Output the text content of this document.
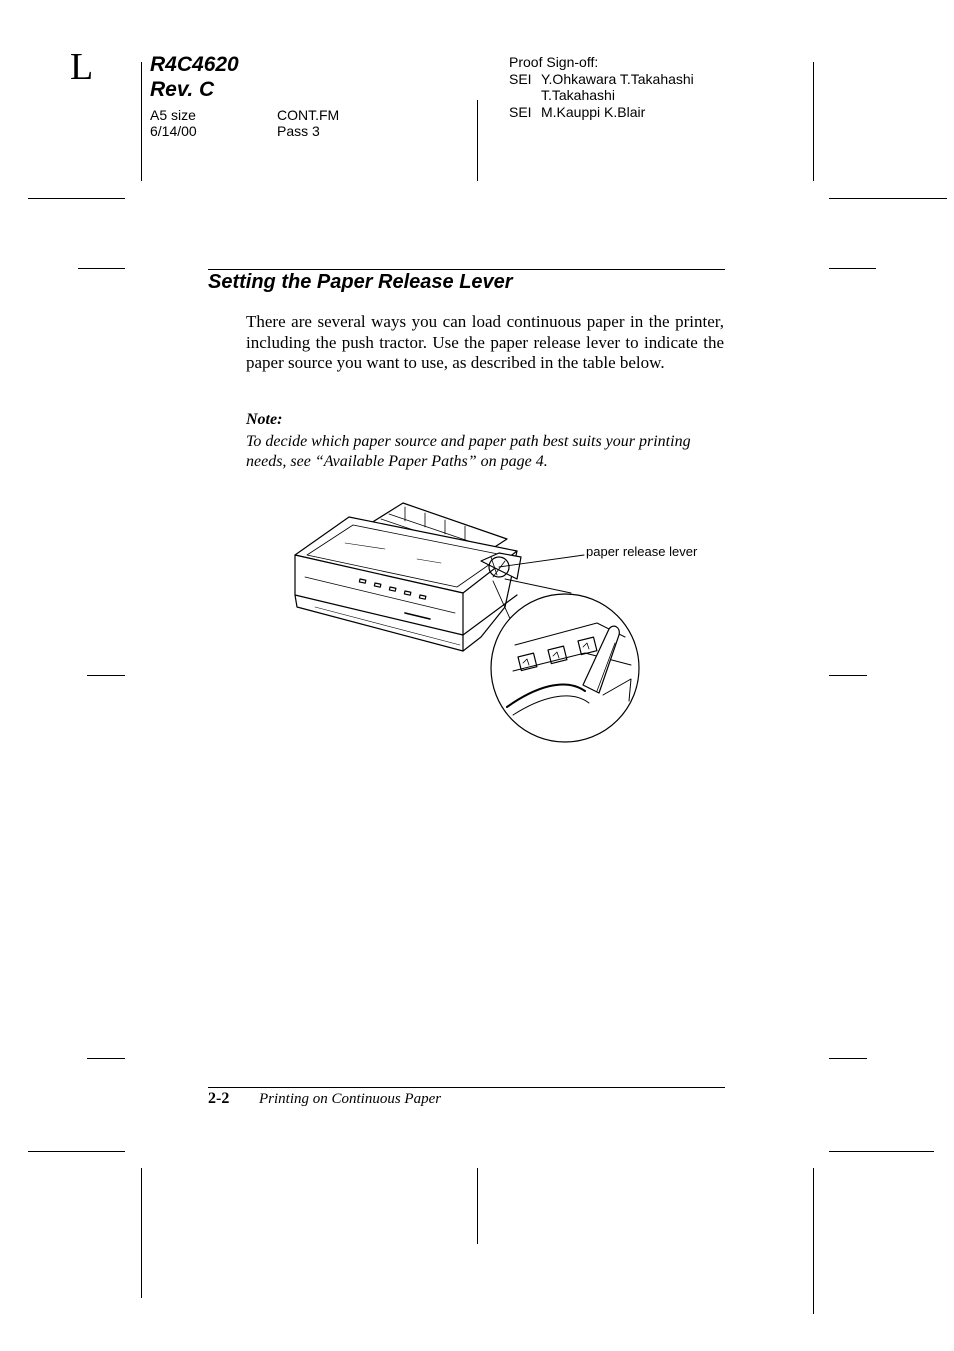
L	R4C4620
Rev. C
A5 size	CONT.FM
6/14/00	Pass 3
Proof Sign-off:
SEI Y.Ohkawara T.Takahashi
T.Takahashi
SEI M.Kauppi K.Blair
Setting the Paper Release Lever
There are several ways you can load continuous paper in the printer, including the push tractor. Use the paper release lever to indicate the paper source you want to use, as described in the table below.
Note:
To decide which paper source and paper path best suits your printing needs, see “Available Paper Paths” on page 4.
paper release lever
2-2 Printing on Continuous Paper
